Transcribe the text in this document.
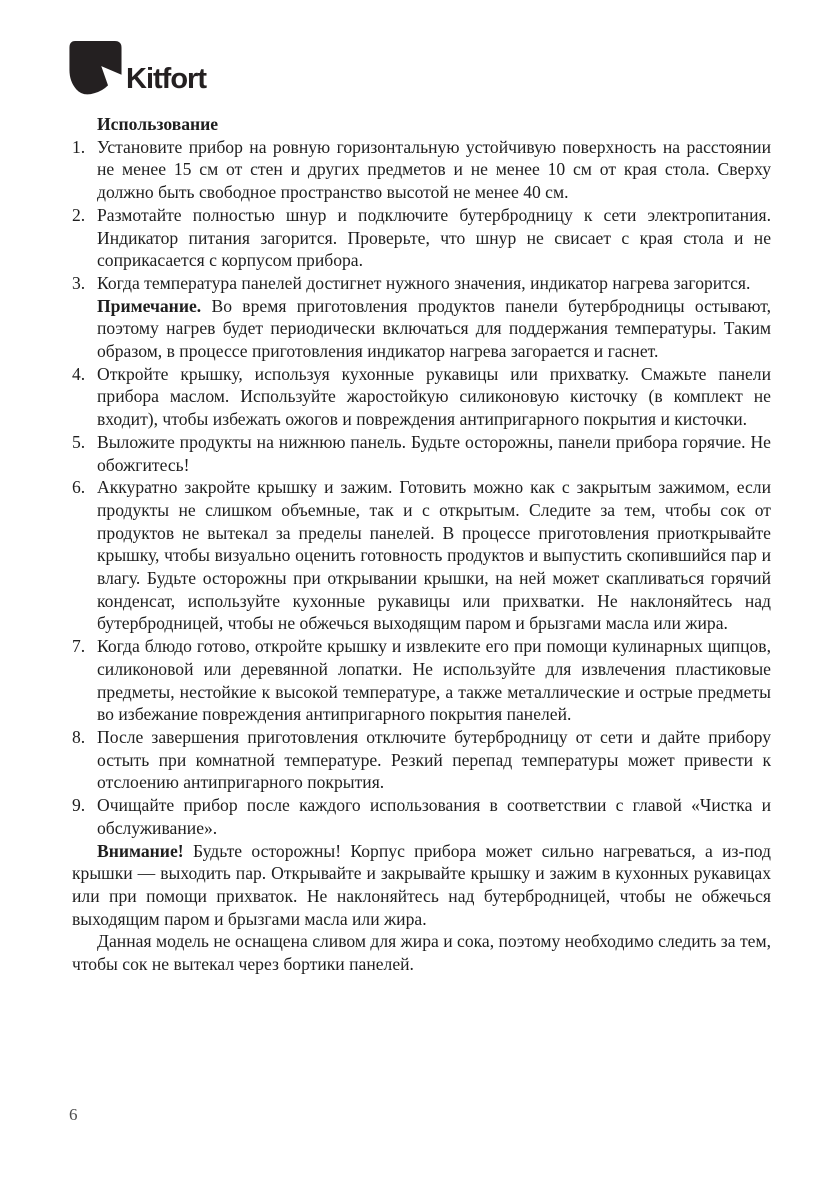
Kitfort
Использование
1. Установите прибор на ровную горизонтальную устойчивую поверхность на расстоянии не менее 15 см от стен и других предметов и не менее 10 см от края стола. Сверху должно быть свободное пространство высотой не менее 40 см.
2. Размотайте полностью шнур и подключите бутербродницу к сети электропитания. Индикатор питания загорится. Проверьте, что шнур не свисает с края стола и не соприкасается с корпусом прибора.
3. Когда температура панелей достигнет нужного значения, индикатор нагрева загорится.
Примечание. Во время приготовления продуктов панели бутербродницы остывают, поэтому нагрев будет периодически включаться для поддержания температуры. Таким образом, в процессе приготовления индикатор нагрева загорается и гаснет.
4. Откройте крышку, используя кухонные рукавицы или прихватку. Смажьте панели прибора маслом. Используйте жаростойкую силиконовую кисточку (в комплект не входит), чтобы избежать ожогов и повреждения антипригарного покрытия и кисточки.
5. Выложите продукты на нижнюю панель. Будьте осторожны, панели прибора горячие. Не обожгитесь!
6. Аккуратно закройте крышку и зажим. Готовить можно как с закрытым зажимом, если продукты не слишком объемные, так и с открытым. Следите за тем, чтобы сок от продуктов не вытекал за пределы панелей. В процессе приготовления приоткрывайте крышку, чтобы визуально оценить готовность продуктов и выпустить скопившийся пар и влагу. Будьте осторожны при открывании крышки, на ней может скапливаться горячий конденсат, используйте кухонные рукавицы или прихватки. Не наклоняйтесь над бутербродницей, чтобы не обжечься выходящим паром и брызгами масла или жира.
7. Когда блюдо готово, откройте крышку и извлеките его при помощи кулинарных щипцов, силиконовой или деревянной лопатки. Не используйте для извлечения пластиковые предметы, нестойкие к высокой температуре, а также металлические и острые предметы во избежание повреждения антипригарного покрытия панелей.
8. После завершения приготовления отключите бутербродницу от сети и дайте прибору остыть при комнатной температуре. Резкий перепад температуры может привести к отслоению антипригарного покрытия.
9. Очищайте прибор после каждого использования в соответствии с главой «Чистка и обслуживание».

Внимание! Будьте осторожны! Корпус прибора может сильно нагреваться, а из-под крышки — выходить пар. Открывайте и закрывайте крышку и зажим в кухонных рукавицах или при помощи прихваток. Не наклоняйтесь над бутербродницей, чтобы не обжечься выходящим паром и брызгами масла или жира.

Данная модель не оснащена сливом для жира и сока, поэтому необходимо следить за тем, чтобы сок не вытекал через бортики панелей.

6
